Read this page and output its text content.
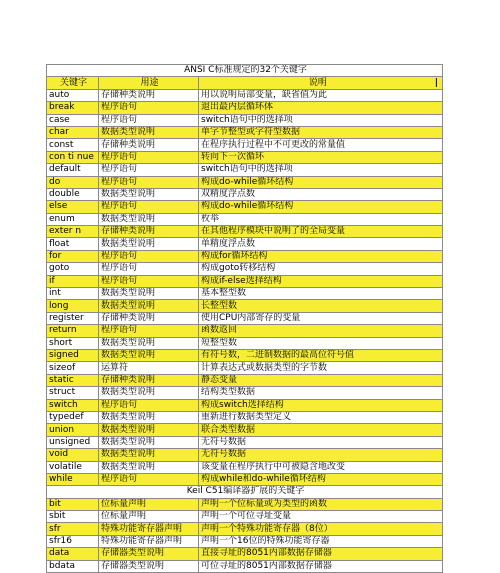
ANSI C标准规定的32个关键字		
关键字	用途	说明 |

auto	存储种类说明	用以说明局部变量，缺省值为此
break	程序语句	退出最内层循环体
case	程序语句	switch语句中的选择项
char	数据类型说明	单字节整型或字符型数据
const	存储种类说明	在程序执行过程中不可更改的常量值
con ti nue	程序语句	转向下一次循环
default	程序语句	switch语句中的选择项
do	程序语句	构成do-while循环结构
double	数据类型说明	双精度浮点数
else	程序语句	构成do-while循环结构
enum	数据类型说明	枚举
exter n	存储种类说明	在其他程序模块中说明了的全局变量
float	数据类型说明	单精度浮点数
for	程序语句	构成for循环结构
goto	程序语句	构成goto转移结构
if	程序语句	构成if-else选择结构
int	数据类型说明	基本整型数
long	数据类型说明	长整型数
register	存储种类说明	使用CPU内部寄存的变量
return	程序语句	函数返回
short	数据类型说明	短整型数
signed	数据类型说明	有符号数，二进制数据的最高位符号值
sizeof	运算符	计算表达式或数据类型的字节数
static	存储种类说明	静态变量
struct	数据类型说明	结构类型数据
switch	程序语句	构成switch选择结构
typedef	数据类型说明	重新进行数据类型定义
union	数据类型说明	联合类型数据
unsigned	数据类型说明	无符号数据
void	数据类型说明	无符号数据
volatile	数据类型说明	该变量在程序执行中可被隐含地改变
while	程序语句	构成while和do-while循环结构
Keil C51编译器扩展的关键字		
bit	位标量声明	声明一个位标量或为类型的函数
sbit	位标量声明	声明一个可位寻址变量
sfr	特殊功能寄存器声明	声明一个特殊功能寄存器（8位）
sfr16	特殊功能寄存器声明	声明一个16位的特殊功能寄存器
data	存储器类型说明	直接寻址的8051内部数据存储器
bdata	存储器类型说明	可位寻址的8051内部数据存储器
